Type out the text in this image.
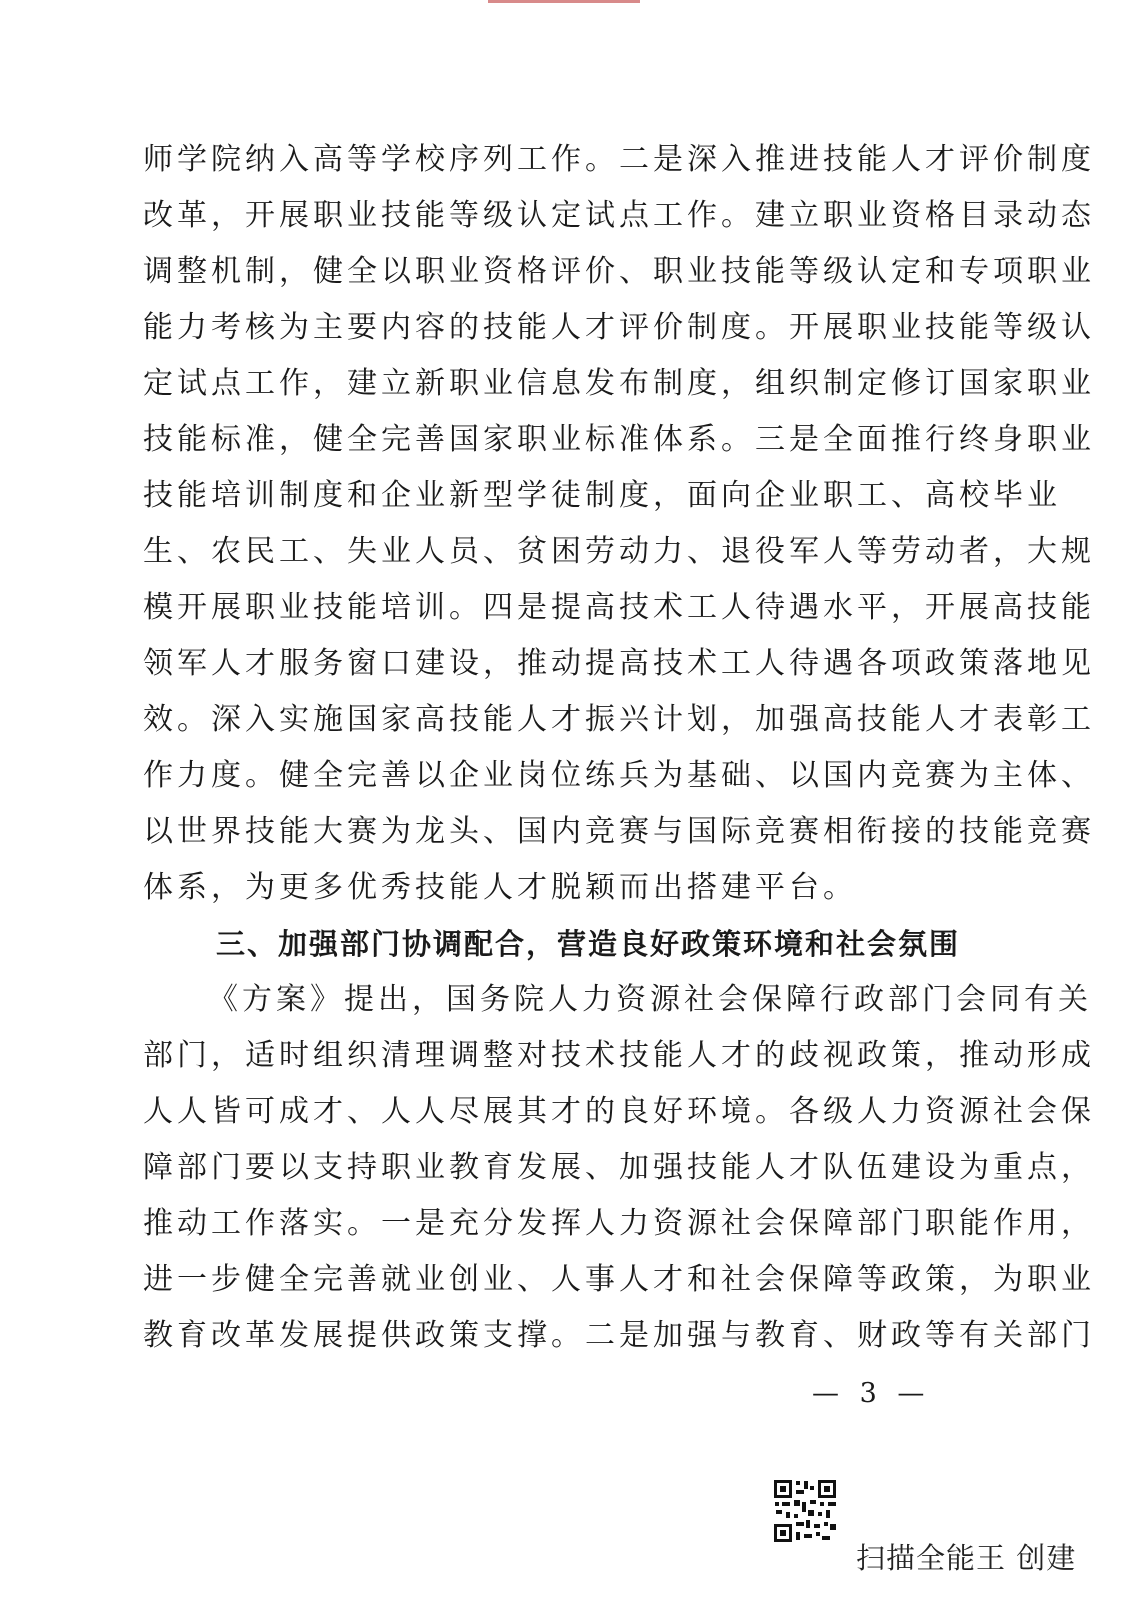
师学院纳入高等学校序列工作。二是深入推进技能人才评价制度
改革，开展职业技能等级认定试点工作。建立职业资格目录动态
调整机制，健全以职业资格评价、职业技能等级认定和专项职业
能力考核为主要内容的技能人才评价制度。开展职业技能等级认
定试点工作，建立新职业信息发布制度，组织制定修订国家职业
技能标准，健全完善国家职业标准体系。三是全面推行终身职业
技能培训制度和企业新型学徒制度，面向企业职工、高校毕业
生、农民工、失业人员、贫困劳动力、退役军人等劳动者，大规
模开展职业技能培训。四是提高技术工人待遇水平，开展高技能
领军人才服务窗口建设，推动提高技术工人待遇各项政策落地见
效。深入实施国家高技能人才振兴计划，加强高技能人才表彰工
作力度。健全完善以企业岗位练兵为基础、以国内竞赛为主体、
以世界技能大赛为龙头、国内竞赛与国际竞赛相衔接的技能竞赛
体系，为更多优秀技能人才脱颖而出搭建平台。
三、加强部门协调配合，营造良好政策环境和社会氛围
《方案》提出，国务院人力资源社会保障行政部门会同有关
部门，适时组织清理调整对技术技能人才的歧视政策，推动形成
人人皆可成才、人人尽展其才的良好环境。各级人力资源社会保
障部门要以支持职业教育发展、加强技能人才队伍建设为重点，
推动工作落实。一是充分发挥人力资源社会保障部门职能作用，
进一步健全完善就业创业、人事人才和社会保障等政策，为职业
教育改革发展提供政策支撑。二是加强与教育、财政等有关部门
— 3 —
扫描全能王 创建
